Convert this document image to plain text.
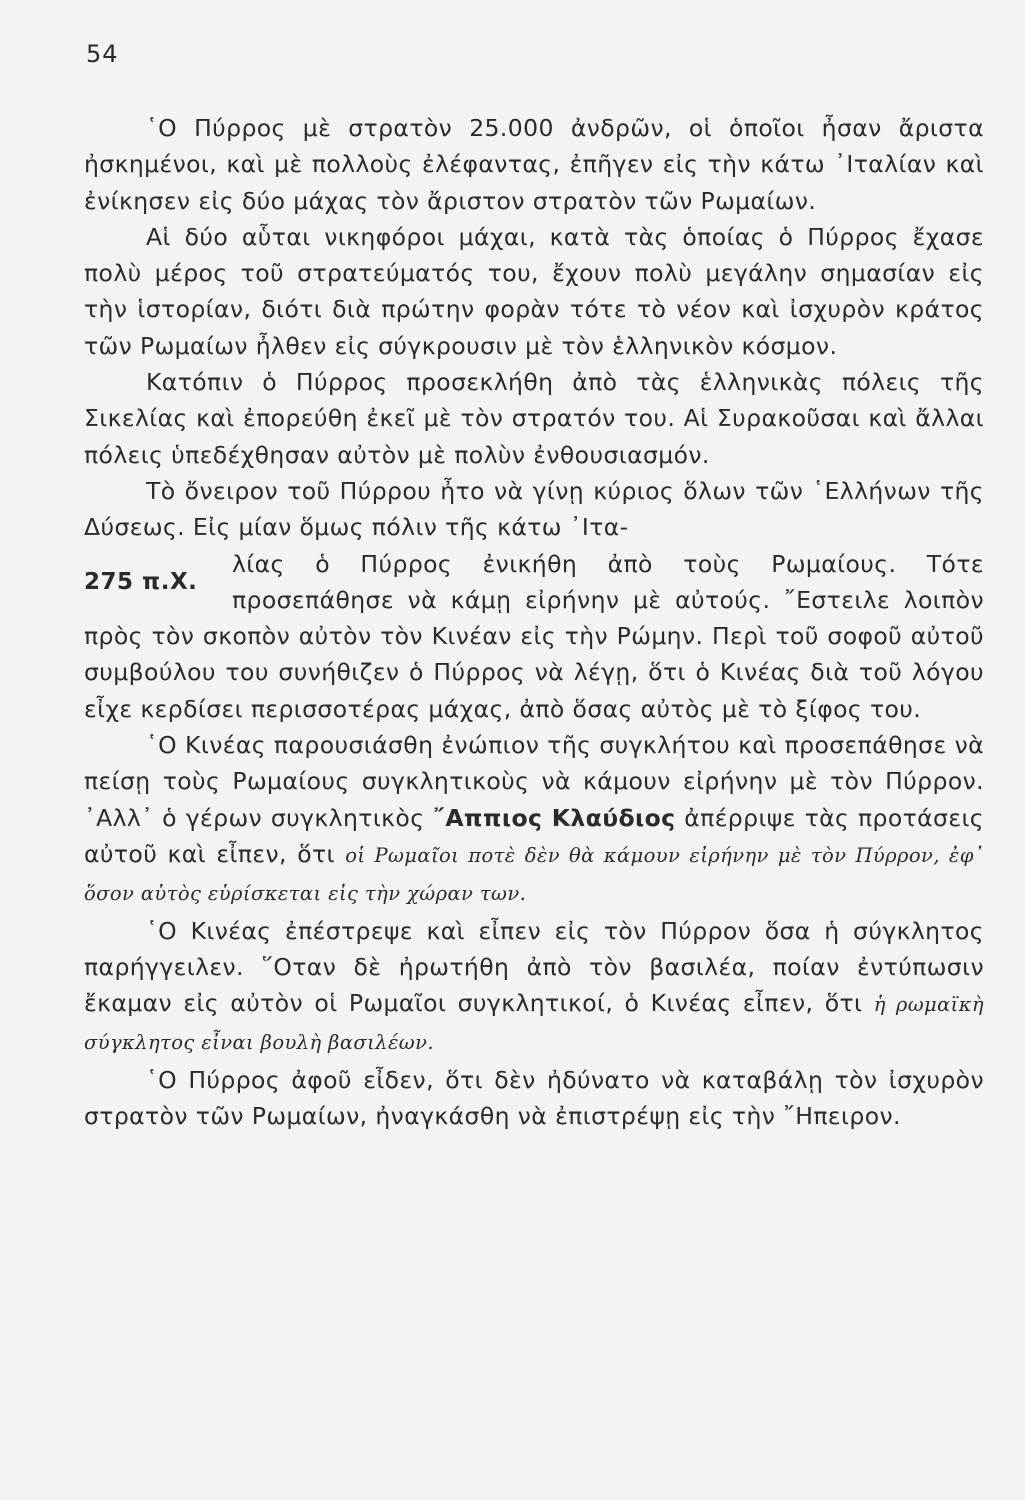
54

῾Ο Πύρρος μὲ στρατὸν 25.000 ἀνδρῶν, οἱ ὁποῖοι ἦσαν ἄριστα ἠσκημένοι, καὶ μὲ πολλοὺς ἐλέφαντας, ἐπῆγεν εἰς τὴν κάτω ᾿Ιταλίαν καὶ ἐνίκησεν εἰς δύο μάχας τὸν ἄριστον στρατὸν τῶν Ρωμαίων.

Αἱ δύο αὗται νικηφόροι μάχαι, κατὰ τὰς ὁποίας ὁ Πύρρος ἔχασε πολὺ μέρος τοῦ στρατεύματός του, ἔχουν πολὺ μεγάλην σημασίαν εἰς τὴν ἱστορίαν, διότι διὰ πρώτην φορὰν τότε τὸ νέον καὶ ἰσχυρὸν κράτος τῶν Ρωμαίων ἦλθεν εἰς σύγκρουσιν μὲ τὸν ἑλληνικὸν κόσμον.

Κατόπιν ὁ Πύρρος προσεκλήθη ἀπὸ τὰς ἑλληνικὰς πόλεις τῆς Σικελίας καὶ ἐπορεύθη ἐκεῖ μὲ τὸν στρατόν του. Αἱ Συρακοῦσαι καὶ ἄλλαι πόλεις ὑπεδέχθησαν αὐτὸν μὲ πολὺν ἐνθουσιασμόν.

Τὸ ὄνειρον τοῦ Πύρρου ἦτο νὰ γίνῃ κύριος ὅλων τῶν ῾Ελλήνων τῆς Δύσεως. Εἰς μίαν ὅμως πόλιν τῆς κάτω ᾿Ιτα-

275 π.Χ.

λίας ὁ Πύρρος ἐνικήθη ἀπὸ τοὺς Ρωμαίους. Τότε προσεπάθησε νὰ κάμῃ εἰρήνην μὲ αὐτούς. ῎Εστειλε λοιπὸν πρὸς τὸν σκοπὸν αὐτὸν τὸν Κινέαν εἰς τὴν Ρώμην. Περὶ τοῦ σοφοῦ αὐτοῦ συμβούλου του συνήθιζεν ὁ Πύρρος νὰ λέγῃ, ὅτι ὁ Κινέας διὰ τοῦ λόγου εἶχε κερδίσει περισσοτέρας μάχας, ἀπὸ ὅσας αὐτὸς μὲ τὸ ξίφος του.

῾Ο Κινέας παρουσιάσθη ἐνώπιον τῆς συγκλήτου καὶ προσεπάθησε νὰ πείσῃ τοὺς Ρωμαίους συγκλητικοὺς νὰ κάμουν εἰρήνην μὲ τὸν Πύρρον. ᾿Αλλ᾿ ὁ γέρων συγκλητικὸς ῎Αππιος Κλαύδιος ἀπέρριψε τὰς προτάσεις αὐτοῦ καὶ εἶπεν, ὅτι οἱ Ρωμαῖοι ποτὲ δὲν θὰ κάμουν εἰρήνην μὲ τὸν Πύρρον, ἐφ᾿ ὅσον αὐτὸς εὑρίσκεται εἰς τὴν χώραν των.

῾Ο Κινέας ἐπέστρεψε καὶ εἶπεν εἰς τὸν Πύρρον ὅσα ἡ σύγκλητος παρήγγειλεν. ῞Οταν δὲ ἠρωτήθη ἀπὸ τὸν βασιλέα, ποίαν ἐντύπωσιν ἔκαμαν εἰς αὐτὸν οἱ Ρωμαῖοι συγκλητικοί, ὁ Κινέας εἶπεν, ὅτι ἡ ρωμαϊκὴ σύγκλητος εἶναι βουλὴ βασιλέων.

῾Ο Πύρρος ἀφοῦ εἶδεν, ὅτι δὲν ἠδύνατο νὰ καταβάλῃ τὸν ἰσχυρὸν στρατὸν τῶν Ρωμαίων, ἠναγκάσθη νὰ ἐπιστρέψῃ εἰς τὴν ῎Ηπειρον.
